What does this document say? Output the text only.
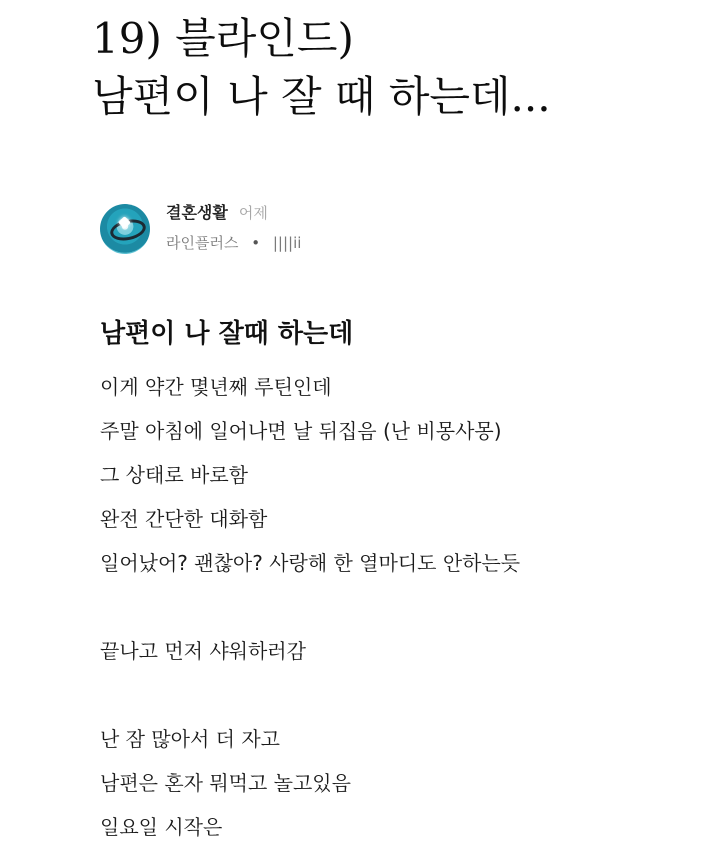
19) 블라인드)
남편이 나 잘 때 하는데...
결혼생활 어제
라인플러스 • ||||ii
남편이 나 잘때 하는데
이게 약간 몇년째 루틴인데
주말 아침에 일어나면 날 뒤집음 (난 비몽사몽)
그 상태로 바로함
완전 간단한 대화함
일어났어? 괜찮아? 사랑해 한 열마디도 안하는듯
끝나고 먼저 샤워하러감
난 잠 많아서 더 자고
남편은 혼자 뭐먹고 놀고있음
일요일 시작은
